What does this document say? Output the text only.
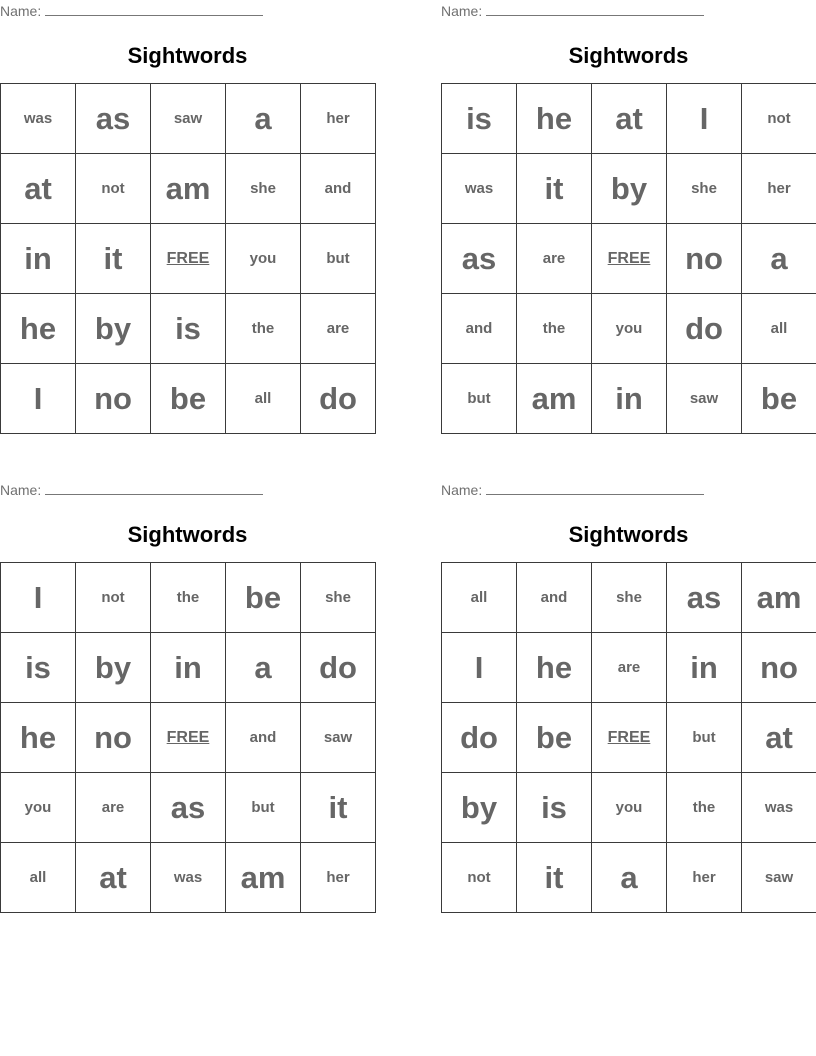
Name:
Sightwords
was	as	saw	a	her
at	not	am	she	and
in	it	FREE	you	but
he	by	is	the	are
I	no	be	all	do
Name:
Sightwords
is	he	at	I	not
was	it	by	she	her
as	are	FREE	no	a
and	the	you	do	all
but	am	in	saw	be
Name:
Sightwords
I	not	the	be	she
is	by	in	a	do
he	no	FREE	and	saw
you	are	as	but	it
all	at	was	am	her
Name:
Sightwords
all	and	she	as	am
I	he	are	in	no
do	be	FREE	but	at
by	is	you	the	was
not	it	a	her	saw
